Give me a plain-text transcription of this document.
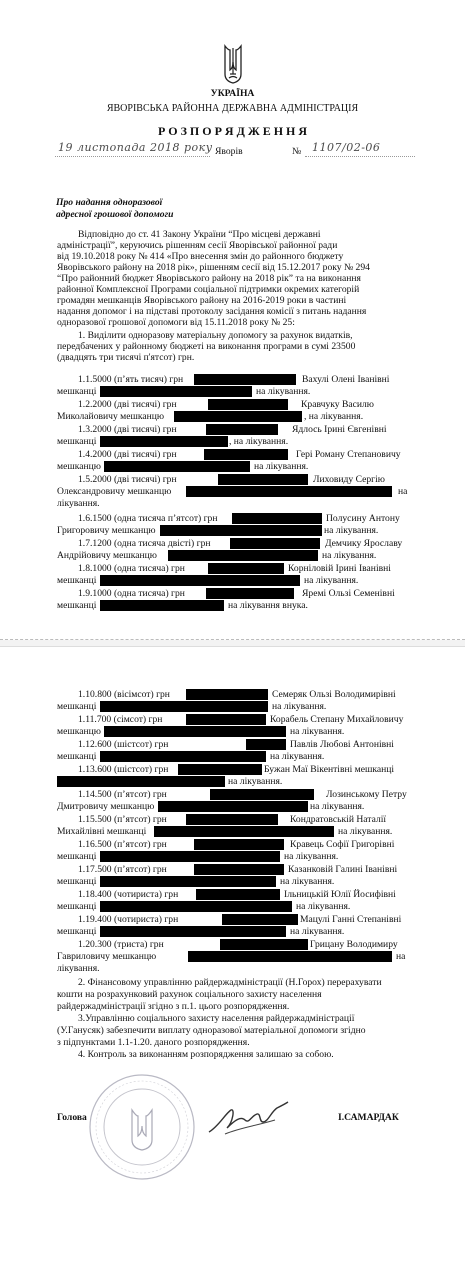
УКРАЇНА
ЯВОРІВСЬКА РАЙОННА ДЕРЖАВНА АДМІНІСТРАЦІЯ
Р О З П О Р Я Д Ж Е Н Н Я
19 листопада 2018 року Яворів	№ 1107/02-06
Про надання одноразової
адресної грошової допомоги
Відповідно до ст. 41 Закону України “Про місцеві державні
адміністрації”, керуючись рішенням сесії Яворівської районної ради
від 19.10.2018 року № 414 «Про внесення змін до районного бюджету
Яворівського району на 2018 рік», рішенням сесії від 15.12.2017 року № 294
“Про районний бюджет Яворівського району на 2018 рік” та на виконання
районної Комплексної Програми соціальної підтримки окремих категорій
громадян мешканців Яворівського району на 2016-2019 роки в частині
надання допомог і на підставі протоколу засідання комісії з питань надання
одноразової грошової допомоги від 15.11.2018 року № 25:
1. Виділити одноразову матеріальну допомогу за рахунок видатків,
передбачених у районному бюджеті на виконання програми в сумі 23500
(двадцять три тисячі п'ятсот) грн.
1.1.5000 (п’ять тисяч) грн	Вахулі Олені Іванівні
мешканці	на лікування.
1.2.2000 (дві тисячі) грн	Кравчуку Василю
Миколайовичу мешканцю	, на лікування.
1.3.2000 (дві тисячі) грн	Ядлось Ірині Євгенівні
мешканці	, на лікування.
1.4.2000 (дві тисячі) грн	Гері Роману Степановичу
мешканцю	на лікування.
1.5.2000 (дві тисячі) грн	Лиховиду Сергію
Олександровичу мешканцю	на
лікування.
1.6.1500 (одна тисяча п’ятсот) грн	Полусину Антону
Григоровичу мешканцю	на лікування.
1.7.1200 (одна тисяча двісті) грн	Демчику Ярославу
Андрійовичу мешканцю	на лікування.
1.8.1000 (одна тисяча) грн	Корніловій Ірині Іванівні
мешканці	на лікування.
1.9.1000 (одна тисяча) грн	Яремі Ользі Семенівні
мешканці	на лікування внука.
1.10.800 (вісімсот) грн	Семеряк Ользі Володимирівні
мешканці	на лікування.
1.11.700 (сімсот) грн	Корабель Степану Михайловичу
мешканцю	на лікування.
1.12.600 (шістсот) грн	Павлів Любові Антонівні
мешканці	на лікування.
1.13.600 (шістсот) грн	Бужан Маї Вікентівні мешканці
на лікування.
1.14.500 (п’ятсот) грн	Лозинському Петру
Дмитровичу мешканцю	на лікування.
1.15.500 (п’ятсот) грн	Кондратовській Наталії
Михайлівні мешканці	на лікування.
1.16.500 (п’ятсот) грн	Кравець Софії Григорівні
мешканці	на лікування.
1.17.500 (п’ятсот) грн	Казанковій Галині Іванівні
мешканці	на лікування.
1.18.400 (чотириста) грн	Ільницькій Юлії Йосифівні
мешканці	на лікування.
1.19.400 (чотириста) грн	Мацулі Ганні Степанівні
мешканці	на лікування.
1.20.300 (триста) грн	Грицану Володимиру
Гавриловичу мешканцю	на
лікування.
2. Фінансовому управлінню райдержадміністрації (Н.Горох) перерахувати
кошти на розрахунковий рахунок соціального захисту населення
райдержадміністрації згідно з п.1. цього розпорядження.
3.Управлінню соціального захисту населення райдержадміністрації
(У.Ганусяк) забезпечити виплату одноразової матеріальної допомоги згідно
з підпунктами 1.1-1.20. даного розпорядження.
4. Контроль за виконанням розпорядження залишаю за собою.
Голова	І.САМАРДАК
